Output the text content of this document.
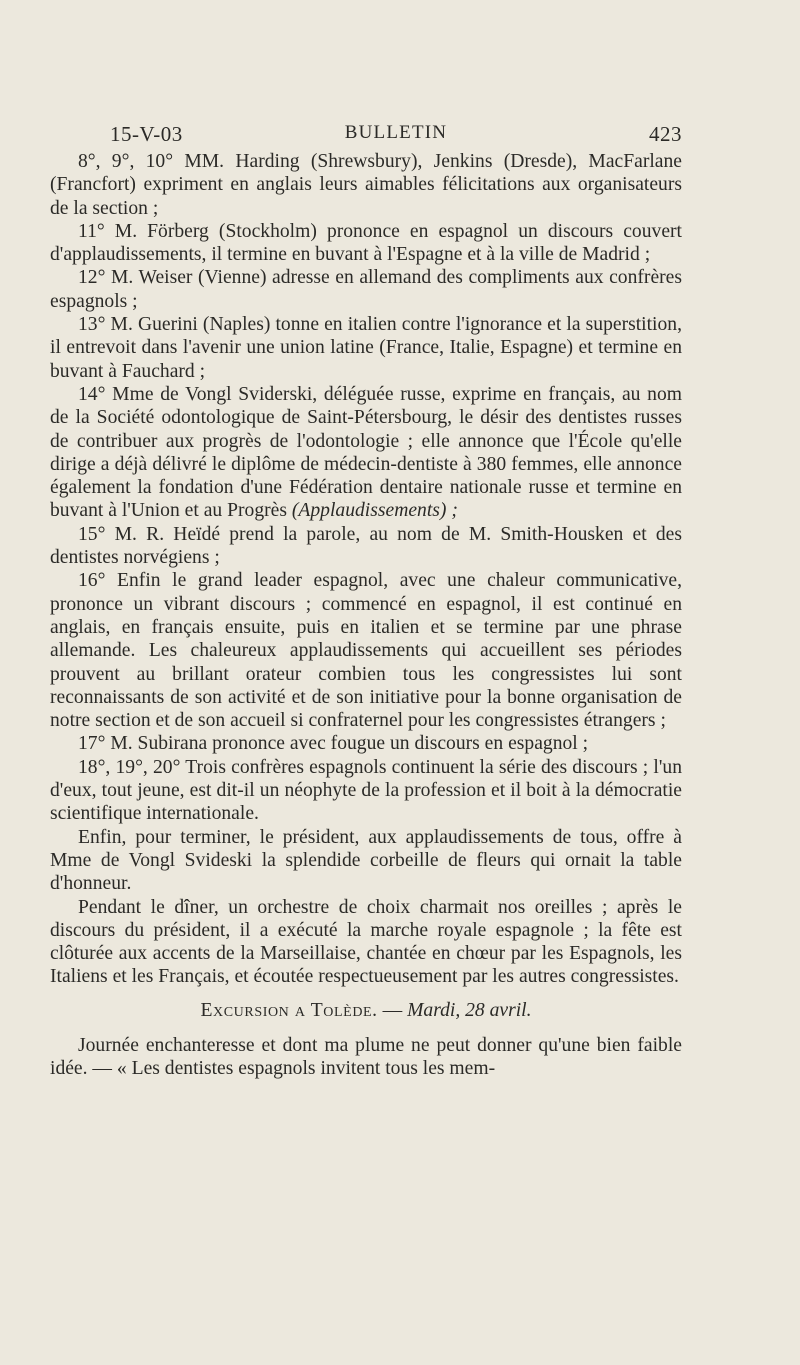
15-V-03	BULLETIN	423

8°, 9°, 10° MM. Harding (Shrewsbury), Jenkins (Dresde), MacFarlane (Francfort) expriment en anglais leurs aimables félicitations aux organisateurs de la section ;

11° M. Förberg (Stockholm) prononce en espagnol un discours couvert d'applaudissements, il termine en buvant à l'Espagne et à la ville de Madrid ;

12° M. Weiser (Vienne) adresse en allemand des compliments aux confrères espagnols ;

13° M. Guerini (Naples) tonne en italien contre l'ignorance et la superstition, il entrevoit dans l'avenir une union latine (France, Italie, Espagne) et termine en buvant à Fauchard ;

14° Mme de Vongl Sviderski, déléguée russe, exprime en français, au nom de la Société odontologique de Saint-Pétersbourg, le désir des dentistes russes de contribuer aux progrès de l'odontologie ; elle annonce que l'École qu'elle dirige a déjà délivré le diplôme de médecin-dentiste à 380 femmes, elle annonce également la fondation d'une Fédération dentaire nationale russe et termine en buvant à l'Union et au Progrès (Applaudissements) ;

15° M. R. Heïdé prend la parole, au nom de M. Smith-Housken et des dentistes norvégiens ;

16° Enfin le grand leader espagnol, avec une chaleur communicative, prononce un vibrant discours ; commencé en espagnol, il est continué en anglais, en français ensuite, puis en italien et se termine par une phrase allemande. Les chaleureux applaudissements qui accueillent ses périodes prouvent au brillant orateur combien tous les congressistes lui sont reconnaissants de son activité et de son initiative pour la bonne organisation de notre section et de son accueil si confraternel pour les congressistes étrangers ;

17° M. Subirana prononce avec fougue un discours en espagnol ;

18°, 19°, 20° Trois confrères espagnols continuent la série des discours ; l'un d'eux, tout jeune, est dit-il un néophyte de la profession et il boit à la démocratie scientifique internationale.

Enfin, pour terminer, le président, aux applaudissements de tous, offre à Mme de Vongl Svideski la splendide corbeille de fleurs qui ornait la table d'honneur.

Pendant le dîner, un orchestre de choix charmait nos oreilles ; après le discours du président, il a exécuté la marche royale espagnole ; la fête est clôturée aux accents de la Marseillaise, chantée en chœur par les Espagnols, les Italiens et les Français, et écoutée respectueusement par les autres congressistes.

Excursion a Tolède. — Mardi, 28 avril.

Journée enchanteresse et dont ma plume ne peut donner qu'une bien faible idée. — « Les dentistes espagnols invitent tous les mem-
